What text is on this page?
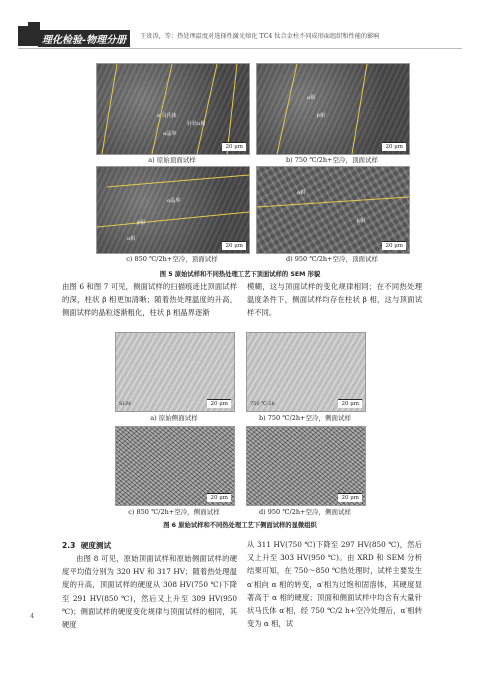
理化检验-物理分册	王贵涛，等：热处理温度对选择性激光熔化 TC4 钛合金柱不同成形面组织和性能的影响
α′马氏体
针状α相
α晶界
20 μm
a) 原始顶面试样
α相
β相
20 μm
b) 750 ℃/2h+空冷，顶面试样
α晶界
β相
α相
20 μm
c) 850 ℃/2h+空冷，顶面试样
α相
β相
20 μm
d) 950 ℃/2h+空冷，顶面试样
图 5 原始试样和不同热处理工艺下顶面试样的 SEM 形貌
由图 6 和图 7 可见，侧面试样的扫描痕迹比顶面试样的深，柱状 β 相更加清晰；随着热处理温度的升高，侧面试样的晶粒逐渐粗化，柱状 β 相晶界逐渐
模糊，这与顶面试样的变化规律相同；在不同热处理温度条件下，侧面试样均存在柱状 β 相，这与顶面试样不同。
SLM	20 μm
a) 原始侧面试样
750 ℃-2h	20 μm
b) 750 ℃/2h+空冷，侧面试样
20 μm
c) 850 ℃/2h+空冷，侧面试样
20 μm
d) 950 ℃/2h+空冷，侧面试样
图 6 原始试样和不同热处理工艺下侧面试样的显微组织
2.3 硬度测试
由图 8 可见，原始顶面试样和原始侧面试样的硬度平均值分别为 320 HV 和 317 HV；随着热处理温度的升高，顶面试样的硬度从 308 HV(750 ℃)下降至 291 HV(850 ℃)，然后又上升至 309 HV(950 ℃)；侧面试样的硬度变化规律与顶面试样的相同，其硬度
从 311 HV(750 ℃)下降至 297 HV(850 ℃)，然后又上升至 303 HV(950 ℃)。由 XRD 和 SEM 分析结果可知，在 750～850 ℃热处理时，试样主要发生 α′相向 α 相的转变，α′相为过饱和固溶体，其硬度显著高于 α 相的硬度；顶面和侧面试样中均含有大量针状马氏体 α′相，经 750 ℃/2 h+空冷处理后，α′相转变为 α 相，试
4
